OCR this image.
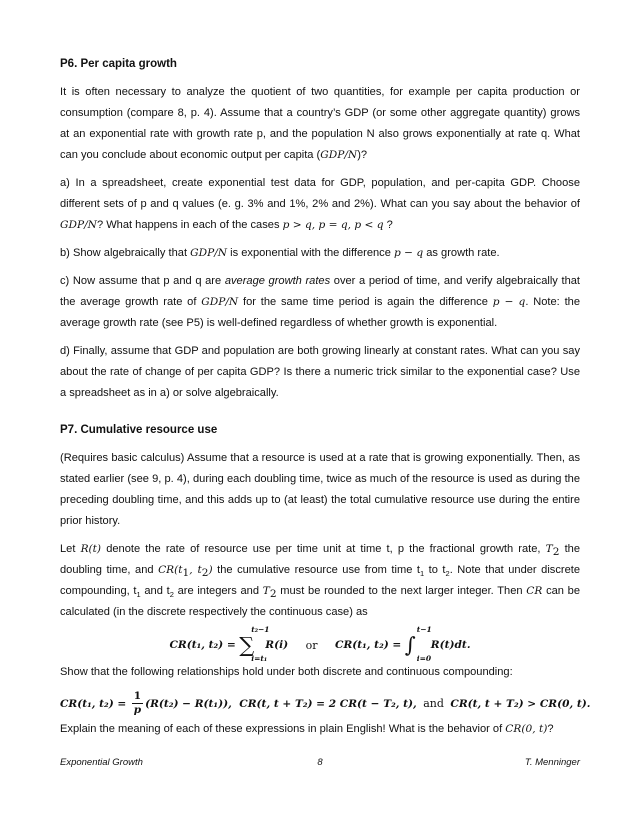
P6. Per capita growth

It is often necessary to analyze the quotient of two quantities, for example per capita production or consumption (compare 8, p. 4). Assume that a country’s GDP (or some other aggregate quantity) grows at an exponential rate with growth rate p, and the population N also grows exponentially at rate q. What can you conclude about economic output per capita (GDP/N)?

a) In a spreadsheet, create exponential test data for GDP, population, and per-capita GDP. Choose different sets of p and q values (e. g. 3% and 1%, 2% and 2%). What can you say about the behavior of GDP/N? What happens in each of the cases p > q, p = q, p < q ?

b) Show algebraically that GDP/N is exponential with the difference p − q as growth rate.

c) Now assume that p and q are average growth rates over a period of time, and verify algebraically that the average growth rate of GDP/N for the same time period is again the difference p − q. Note: the average growth rate (see P5) is well-defined regardless of whether growth is exponential.

d) Finally, assume that GDP and population are both growing linearly at constant rates. What can you say about the rate of change of per capita GDP? Is there a numeric trick similar to the exponential case? Use a spreadsheet as in a) or solve algebraically.

P7. Cumulative resource use

(Requires basic calculus) Assume that a resource is used at a rate that is growing exponentially. Then, as stated earlier (see 9, p. 4), during each doubling time, twice as much of the resource is used as during the preceding doubling time, and this adds up to (at least) the total cumulative resource use during the entire prior history.

Let R(t) denote the rate of resource use per time unit at time t, p the fractional growth rate, $T_2$ the doubling time, and $CR(t_1$, $t_2$) the cumulative resource use from time $t_1$ to $t_2$. Note that under discrete compounding, $t_1$ and $t_2$ are integers and $T_2$ must be rounded to the next larger integer. Then CR can be calculated (in the discrete respectively the continuous case) as

CR(t₁, t₂) = ∑
t₂−1
i=t₁
R(i) or CR(t₁, t₂) = ∫
t−1
i=0
R(t)dt.

Show that the following relationships hold under both discrete and continuous compounding:

CR(t₁, $t_2) = \frac{1}{p} (R(t_2) - R(t_1))$, CR(t, t + T₂) = 2 CR(t − T₂, t), and CR(t, t + T₂) > CR(0, t).

Explain the meaning of each of these expressions in plain English! What is the behavior of CR(0, t)?

Exponential Growth	8	T. Menninger
